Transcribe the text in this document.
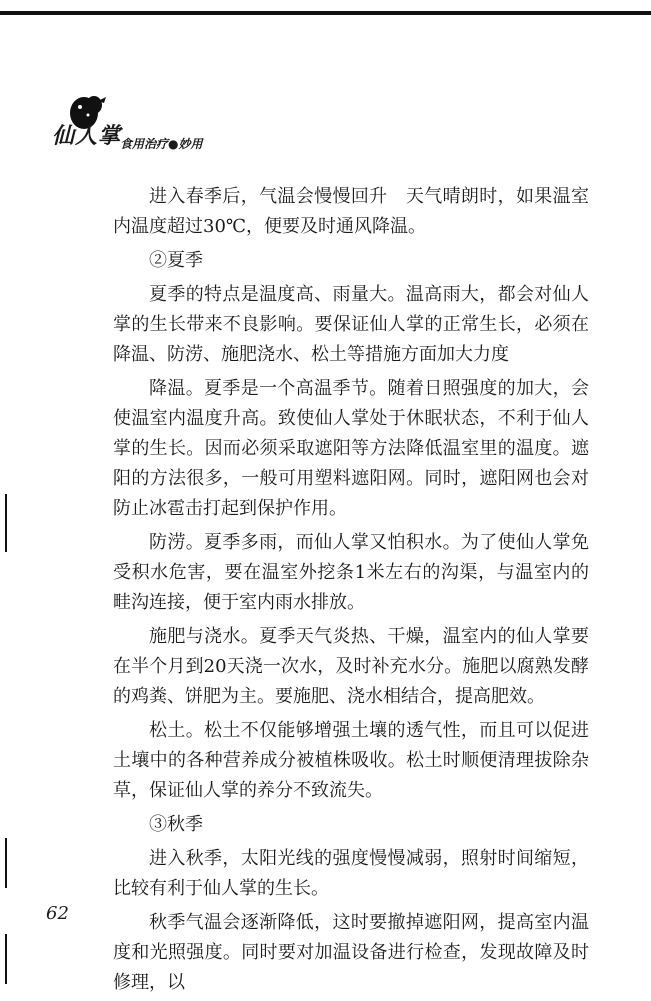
仙人掌
食用治疗●妙用

进入春季后，气温会慢慢回升　天气晴朗时，如果温室内温度超过30℃，便要及时通风降温。

②夏季

夏季的特点是温度高、雨量大。温高雨大，都会对仙人掌的生长带来不良影响。要保证仙人掌的正常生长，必须在降温、防涝、施肥浇水、松土等措施方面加大力度

降温。夏季是一个高温季节。随着日照强度的加大，会使温室内温度升高。致使仙人掌处于休眠状态，不利于仙人掌的生长。因而必须采取遮阳等方法降低温室里的温度。遮阳的方法很多，一般可用塑料遮阳网。同时，遮阳网也会对防止冰雹击打起到保护作用。

防涝。夏季多雨，而仙人掌又怕积水。为了使仙人掌免受积水危害，要在温室外挖条1米左右的沟渠，与温室内的畦沟连接，便于室内雨水排放。

施肥与浇水。夏季天气炎热、干燥，温室内的仙人掌要在半个月到20天浇一次水，及时补充水分。施肥以腐熟发酵的鸡粪、饼肥为主。要施肥、浇水相结合，提高肥效。

松土。松土不仅能够增强土壤的透气性，而且可以促进土壤中的各种营养成分被植株吸收。松土时顺便清理拔除杂草，保证仙人掌的养分不致流失。

③秋季

进入秋季，太阳光线的强度慢慢减弱，照射时间缩短，比较有利于仙人掌的生长。

秋季气温会逐渐降低，这时要撤掉遮阳网，提高室内温度和光照强度。同时要对加温设备进行检查，发现故障及时修理，以

62
